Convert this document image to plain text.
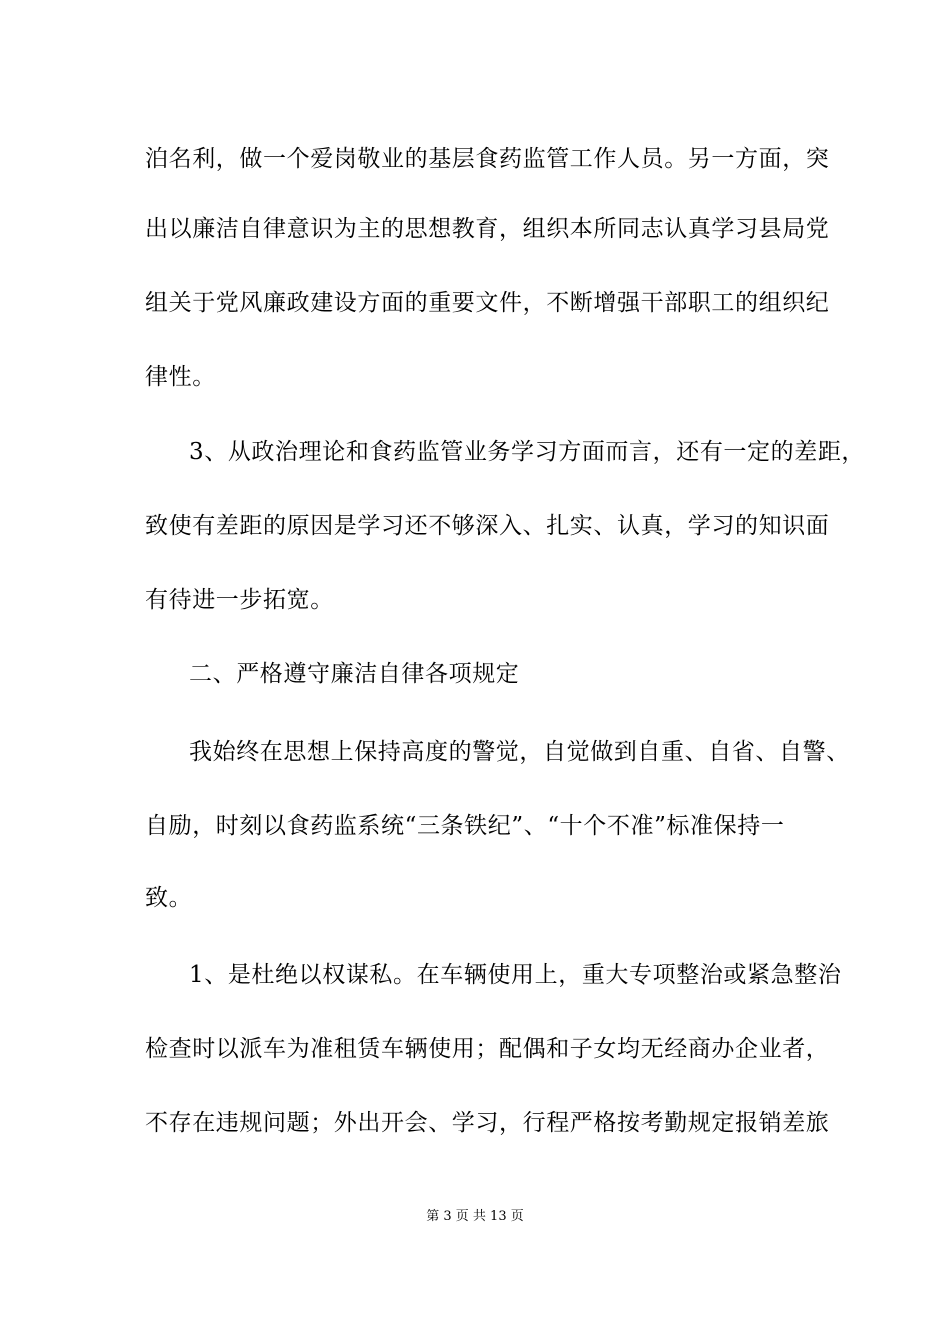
泊名利，做一个爱岗敬业的基层食药监管工作人员。另一方面，突
出以廉洁自律意识为主的思想教育，组织本所同志认真学习县局党
组关于党风廉政建设方面的重要文件，不断增强干部职工的组织纪
律性。
3、从政治理论和食药监管业务学习方面而言，还有一定的差距，
致使有差距的原因是学习还不够深入、扎实、认真，学习的知识面
有待进一步拓宽。
二、严格遵守廉洁自律各项规定
我始终在思想上保持高度的警觉，自觉做到自重、自省、自警、
自励，时刻以食药监系统“三条铁纪”、“十个不准”标准保持一
致。
1、是杜绝以权谋私。在车辆使用上，重大专项整治或紧急整治
检查时以派车为准租赁车辆使用；配偶和子女均无经商办企业者，
不存在违规问题；外出开会、学习，行程严格按考勤规定报销差旅
第 3 页 共 13 页
